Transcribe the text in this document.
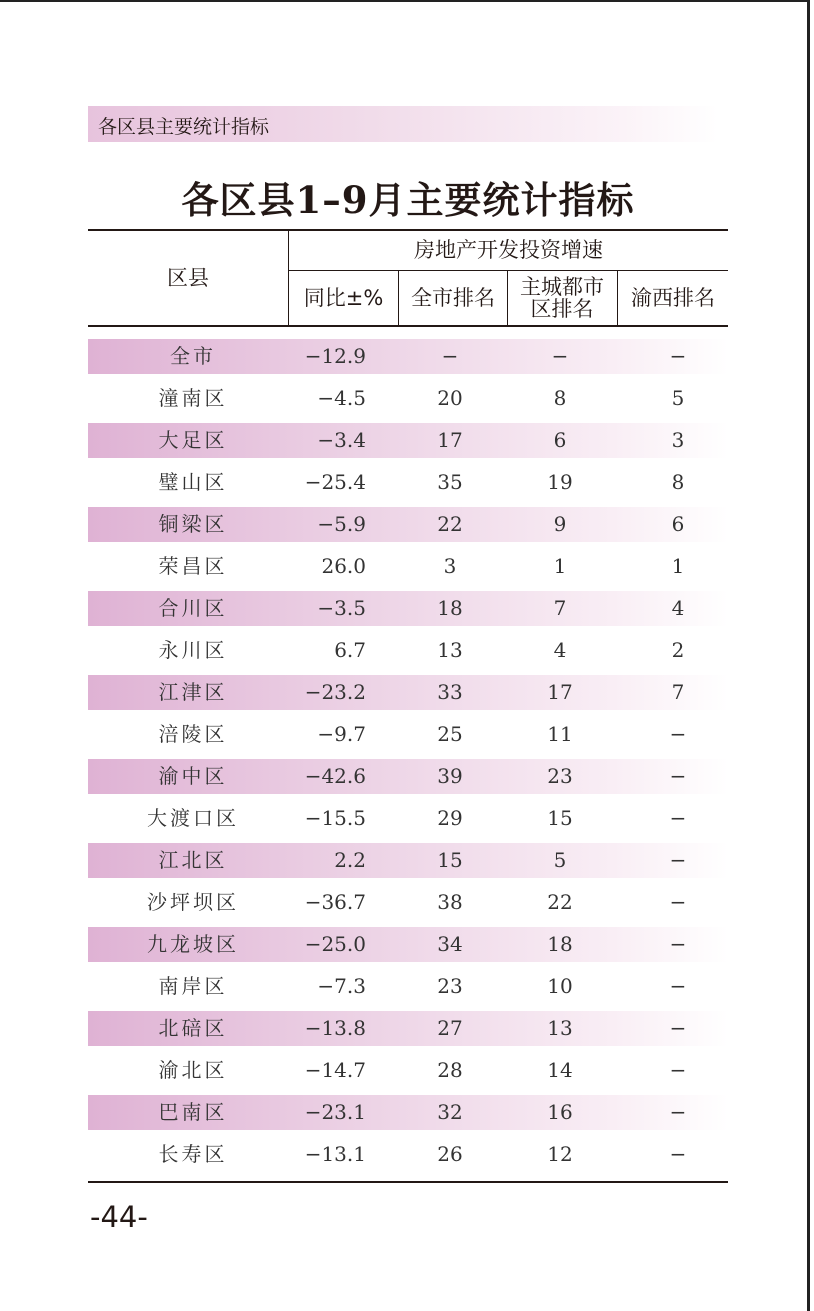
各区县主要统计指标
各区县1–9月主要统计指标
区县
房地产开发投资增速
同比±%	全市排名	主城都市区排名	渝西排名
全市	−12.9	−	−	−
潼南区	−4.5	20	8	5
大足区	−3.4	17	6	3
璧山区	−25.4	35	19	8
铜梁区	−5.9	22	9	6
荣昌区	26.0	3	1	1
合川区	−3.5	18	7	4
永川区	6.7	13	4	2
江津区	−23.2	33	17	7
涪陵区	−9.7	25	11	−
渝中区	−42.6	39	23	−
大渡口区	−15.5	29	15	−
江北区	2.2	15	5	−
沙坪坝区	−36.7	38	22	−
九龙坡区	−25.0	34	18	−
南岸区	−7.3	23	10	−
北碚区	−13.8	27	13	−
渝北区	−14.7	28	14	−
巴南区	−23.1	32	16	−
长寿区	−13.1	26	12	−
-44-
